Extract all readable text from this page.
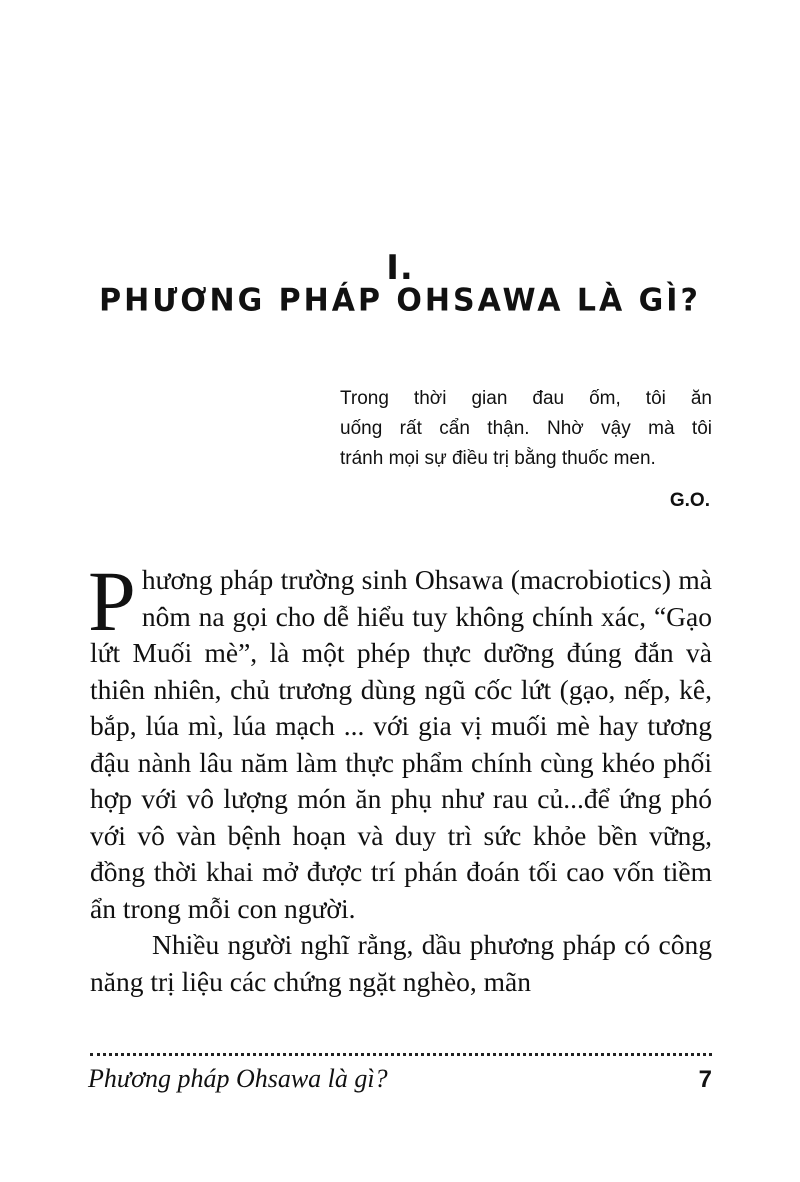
I.
PHƯƠNG PHÁP OHSAWA LÀ GÌ?
Trong thời gian đau ốm, tôi ăn
uống rất cẩn thận. Nhờ vậy mà tôi
tránh mọi sự điều trị bằng thuốc men.
G.O.

Phương pháp trường sinh Ohsawa (macrobiotics) mà nôm na gọi cho dễ hiểu tuy không chính xác, “Gạo lứt Muối mè”, là một phép thực dưỡng đúng đắn và thiên nhiên, chủ trương dùng ngũ cốc lứt (gạo, nếp, kê, bắp, lúa mì, lúa mạch ... với gia vị muối mè hay tương đậu nành lâu năm làm thực phẩm chính cùng khéo phối hợp với vô lượng món ăn phụ như rau củ...để ứng phó với vô vàn bệnh hoạn và duy trì sức khỏe bền vững, đồng thời khai mở được trí phán đoán tối cao vốn tiềm ẩn trong mỗi con người.

Nhiều người nghĩ rằng, dầu phương pháp có công năng trị liệu các chứng ngặt nghèo, mãn

Phương pháp Ohsawa là gì?	7
